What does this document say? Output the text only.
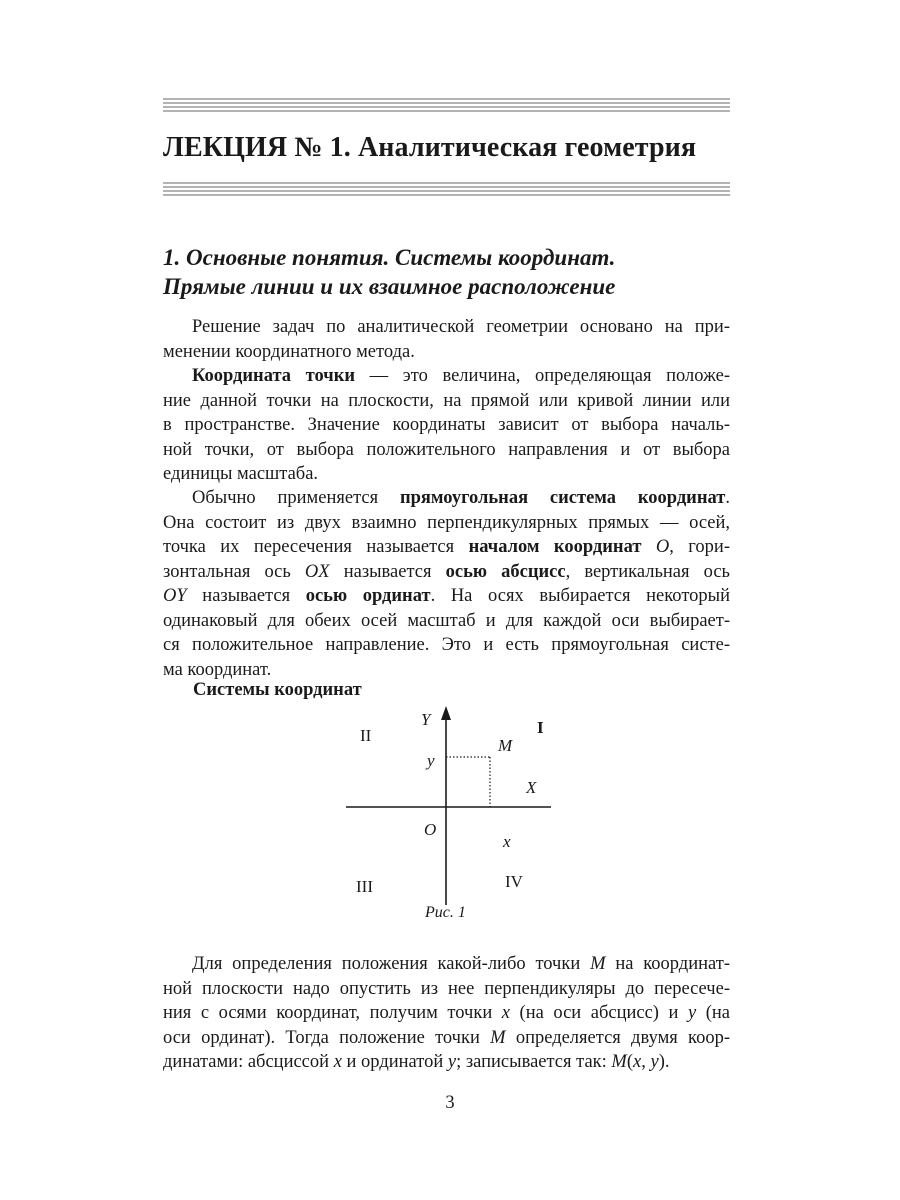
ЛЕКЦИЯ № 1. Аналитическая геометрия
1. Основные понятия. Системы координат.
Прямые линии и их взаимное расположение

Решение задач по аналитической геометрии основано на при-
менении координатного метода.

Координата точки — это величина, определяющая положе-
ние данной точки на плоскости, на прямой или кривой линии или
в пространстве. Значение координаты зависит от выбора началь-
ной точки, от выбора положительного направления и от выбора
единицы масштаба.

Обычно применяется прямоугольная система координат.
Она состоит из двух взаимно перпендикулярных прямых — осей,
точка их пересечения называется началом координат O, гори-
зонтальная ось OX называется осью абсцисс, вертикальная ось
OY называется осью ординат. На осях выбирается некоторый
одинаковый для обеих осей масштаб и для каждой оси выбирает-
ся положительное направление. Это и есть прямоугольная систе-
ма координат.

Системы координат

II	I
III	IV
Y
X
O
M
y
x
Рис. 1

Для определения положения какой-либо точки M на координат-
ной плоскости надо опустить из нее перпендикуляры до пересече-
ния с осями координат, получим точки x (на оси абсцисс) и y (на
оси ординат). Тогда положение точки M определяется двумя коор-
динатами: абсциссой x и ординатой y; записывается так: M(x, y).

3
